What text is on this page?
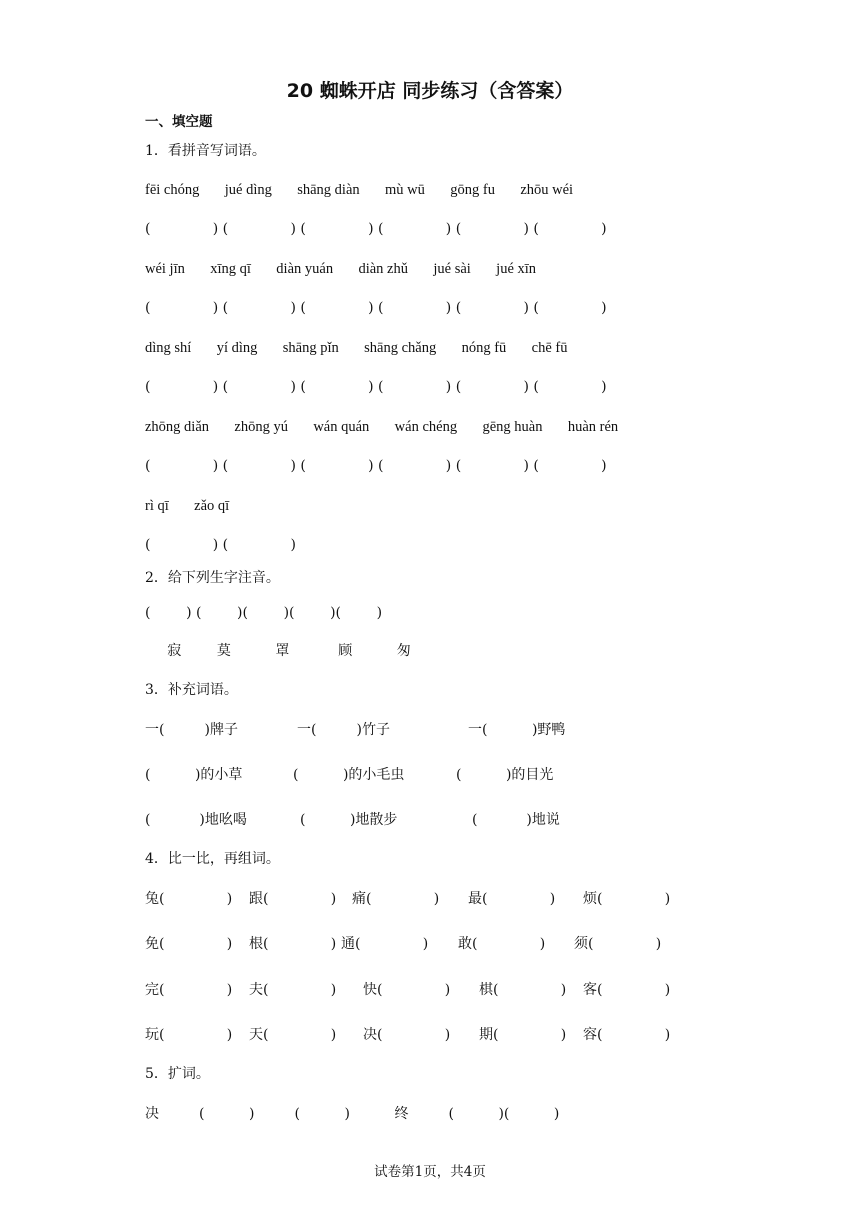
20 蜘蛛开店 同步练习（含答案）
一、填空题
1．看拼音写词语。
fēi chóng       jué dìng       shāng diàn       mù wū       gōng fu       zhōu wéi
(              ) (              ) (              ) (              ) (              ) (              )
wéi jīn       xīng qī       diàn yuán       diàn zhǔ       jué sài       jué xīn
(              ) (              ) (              ) (              ) (              ) (              )
dìng shí       yí dìng       shāng pǐn       shāng chǎng       nóng fū       chē fū
(              ) (              ) (              ) (              ) (              ) (              )
zhōng diǎn       zhōng yú       wán quán       wán chéng       gēng huàn       huàn rén
(              ) (              ) (              ) (              ) (              ) (              )
rì qī       zǎo qī
(              ) (              )
2．给下列生字注音。
(        ) (        )(        )(        )(        )
寂        莫          罩           顾          匆
3．补充词语。
一(         )牌子	一(         )竹子	一(          )野鸭
(          )的小草	(          )的小毛虫	(          )的目光
(           )地吆喝	(          )地散步	(           )地说
4．比一比，再组词。
兔(              ) 跟(              ) 痛(              ) 最(              ) 烦(              )
免(              ) 根(              ) 通(              ) 敢(              ) 须(              )
完(              ) 夫(              ) 快(              ) 棋(              ) 客(              )
玩(              ) 天(              ) 决(              ) 期(              ) 容(              )
5．扩词。
决         (          )         (          )          终         (          )(          )
试卷第1页，共4页
